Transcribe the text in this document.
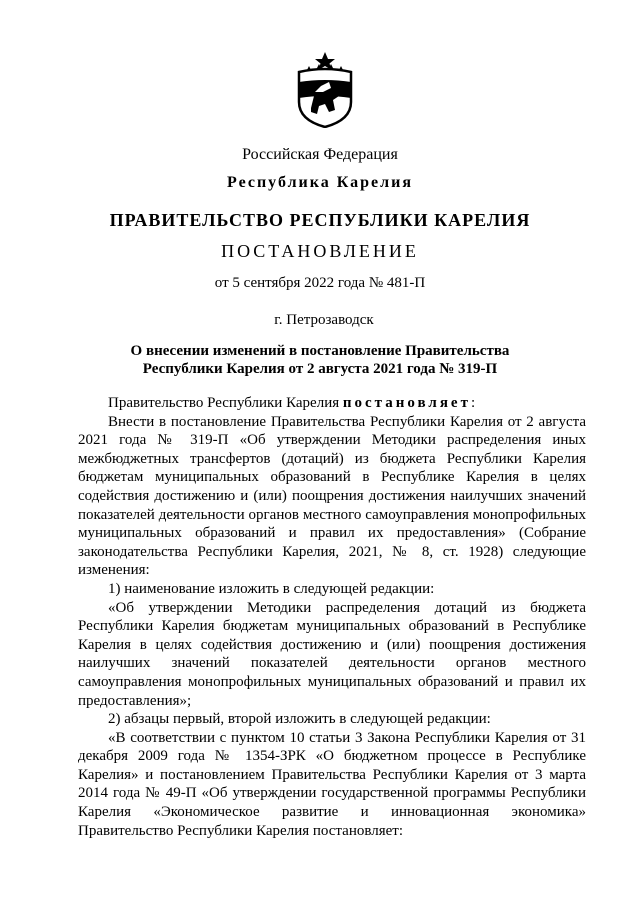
Российская Федерация
Республика Карелия
ПРАВИТЕЛЬСТВО РЕСПУБЛИКИ КАРЕЛИЯ
ПОСТАНОВЛЕНИЕ
от 5 сентября 2022 года № 481-П
г. Петрозаводск
О внесении изменений в постановление Правительства
Республики Карелия от 2 августа 2021 года № 319-П

Правительство Республики Карелия постановляет:

Внести в постановление Правительства Республики Карелия от 2 августа 2021 года № 319-П «Об утверждении Методики распределения иных межбюджетных трансфертов (дотаций) из бюджета Республики Карелия бюджетам муниципальных образований в Республике Карелия в целях содействия достижению и (или) поощрения достижения наилучших значений показателей деятельности органов местного самоуправления монопрофильных муниципальных образований и правил их предоставления» (Собрание законодательства Республики Карелия, 2021, № 8, ст. 1928) следующие изменения:

1) наименование изложить в следующей редакции:

«Об утверждении Методики распределения дотаций из бюджета Республики Карелия бюджетам муниципальных образований в Республике Карелия в целях содействия достижению и (или) поощрения достижения наилучших значений показателей деятельности органов местного самоуправления монопрофильных муниципальных образований и правил их предоставления»;

2) абзацы первый, второй изложить в следующей редакции:

«В соответствии с пунктом 10 статьи 3 Закона Республики Карелия от 31 декабря 2009 года № 1354-ЗРК «О бюджетном процессе в Республике Карелия» и постановлением Правительства Республики Карелия от 3 марта 2014 года № 49-П «Об утверждении государственной программы Республики Карелия «Экономическое развитие и инновационная экономика» Правительство Республики Карелия постановляет:
